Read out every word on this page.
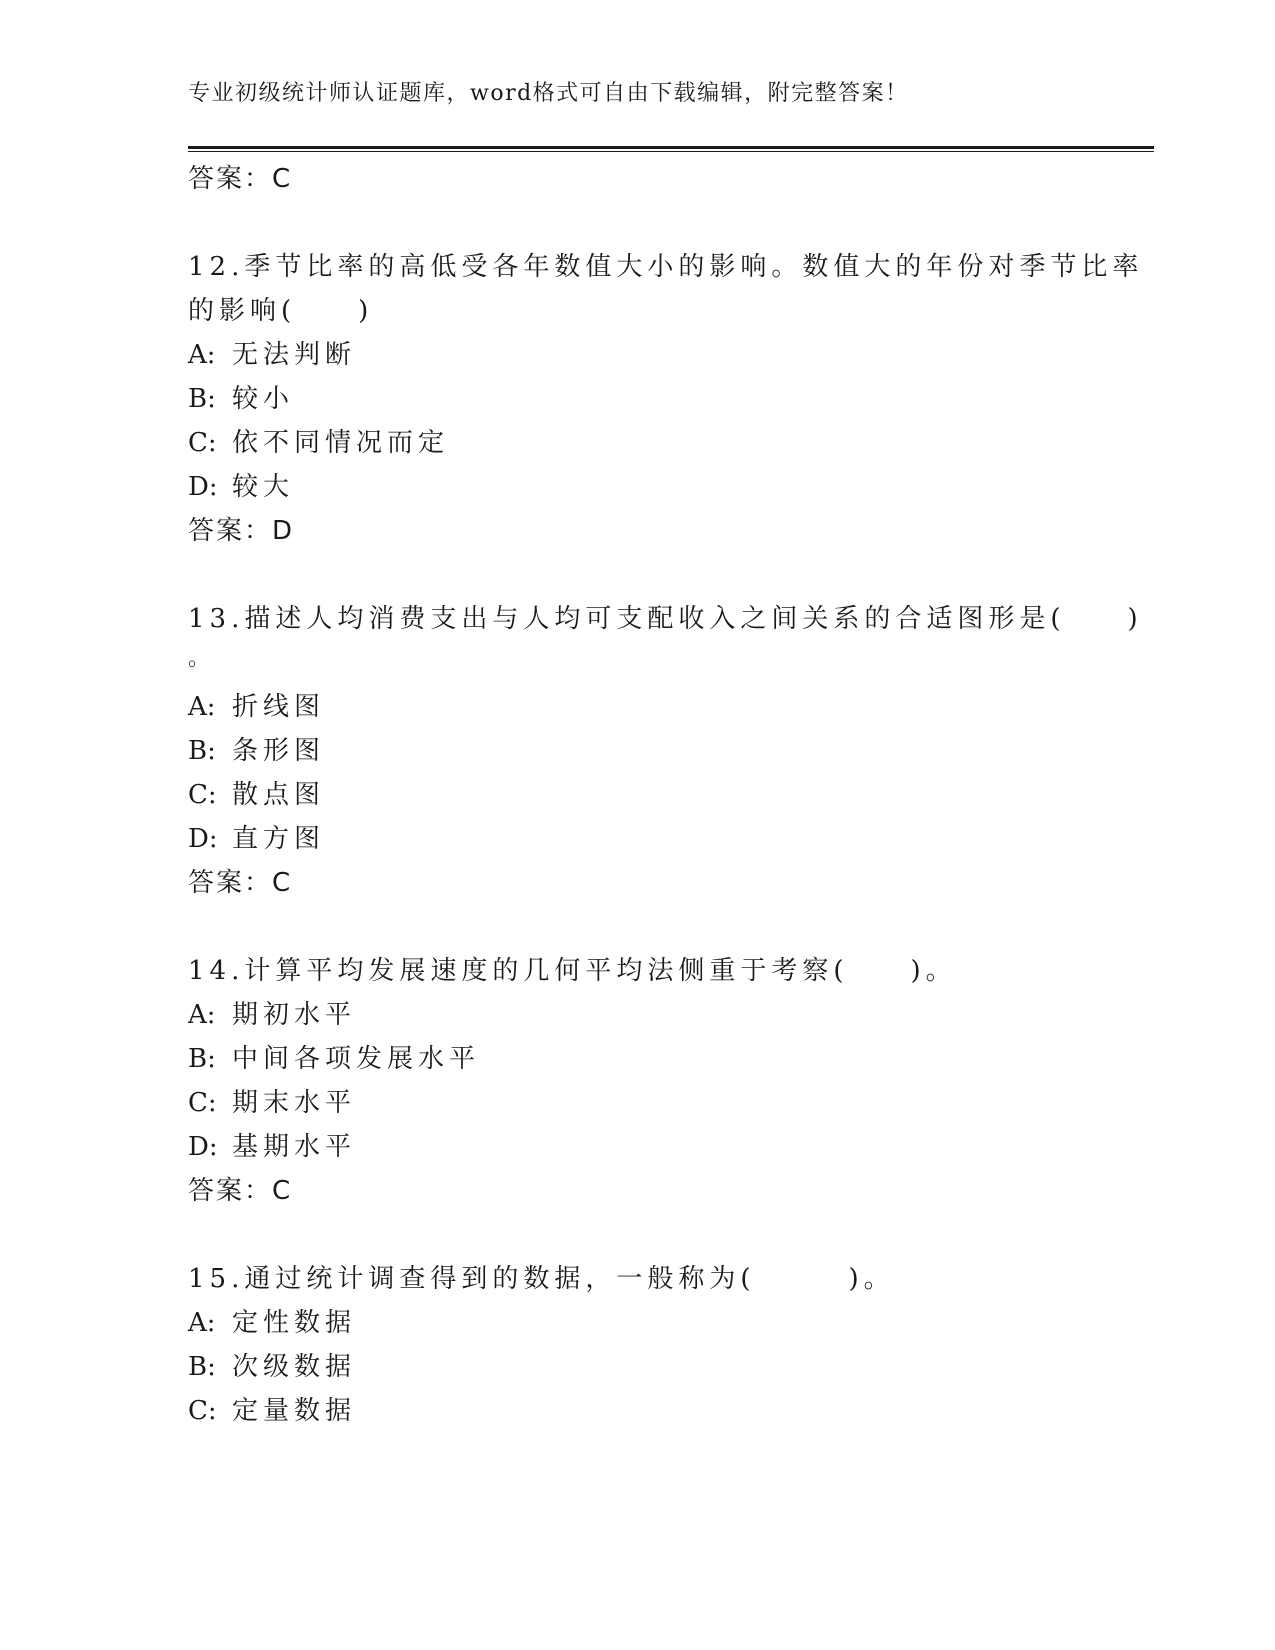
专业初级统计师认证题库，word格式可自由下载编辑，附完整答案！
答案：C
12.季节比率的高低受各年数值大小的影响。数值大的年份对季节比率
的影响(　　)
A: 无法判断
B: 较小
C: 依不同情况而定
D: 较大
答案：D
13.描述人均消费支出与人均可支配收入之间关系的合适图形是(　　)
。
A: 折线图
B: 条形图
C: 散点图
D: 直方图
答案：C
14.计算平均发展速度的几何平均法侧重于考察(　　)。
A: 期初水平
B: 中间各项发展水平
C: 期末水平
D: 基期水平
答案：C
15.通过统计调查得到的数据，一般称为(　　　)。
A: 定性数据
B: 次级数据
C: 定量数据
